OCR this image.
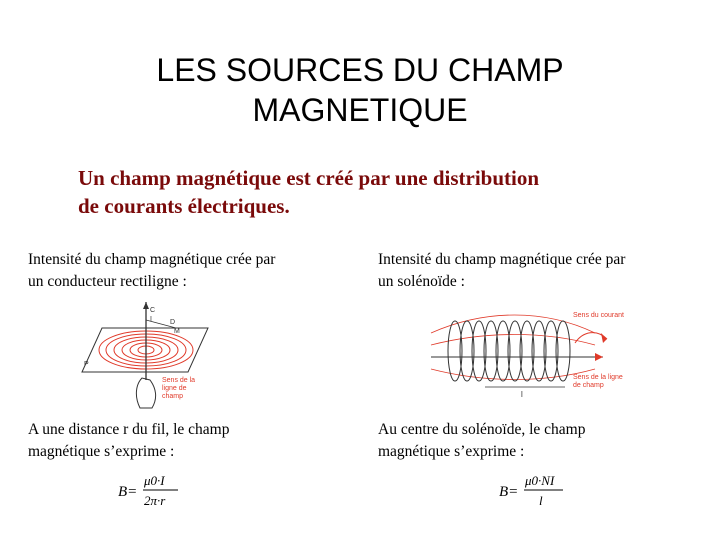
LES SOURCES DU CHAMP
MAGNETIQUE
Un champ magnétique est créé par une distribution
de courants électriques.
Intensité du champ magnétique crée par
un conducteur rectiligne :
Intensité du champ magnétique crée par
un solénoïde :
C
I	D
M
P
Sens de la
ligne de
champ	l
Sens du courant
Sens de la ligne
de champ
A une distance r du fil, le champ
magnétique s’exprime :
Au centre du solénoïde, le champ
magnétique s’exprime :
B=
μ0·I
2π·r
B=
μ0·NI
l
